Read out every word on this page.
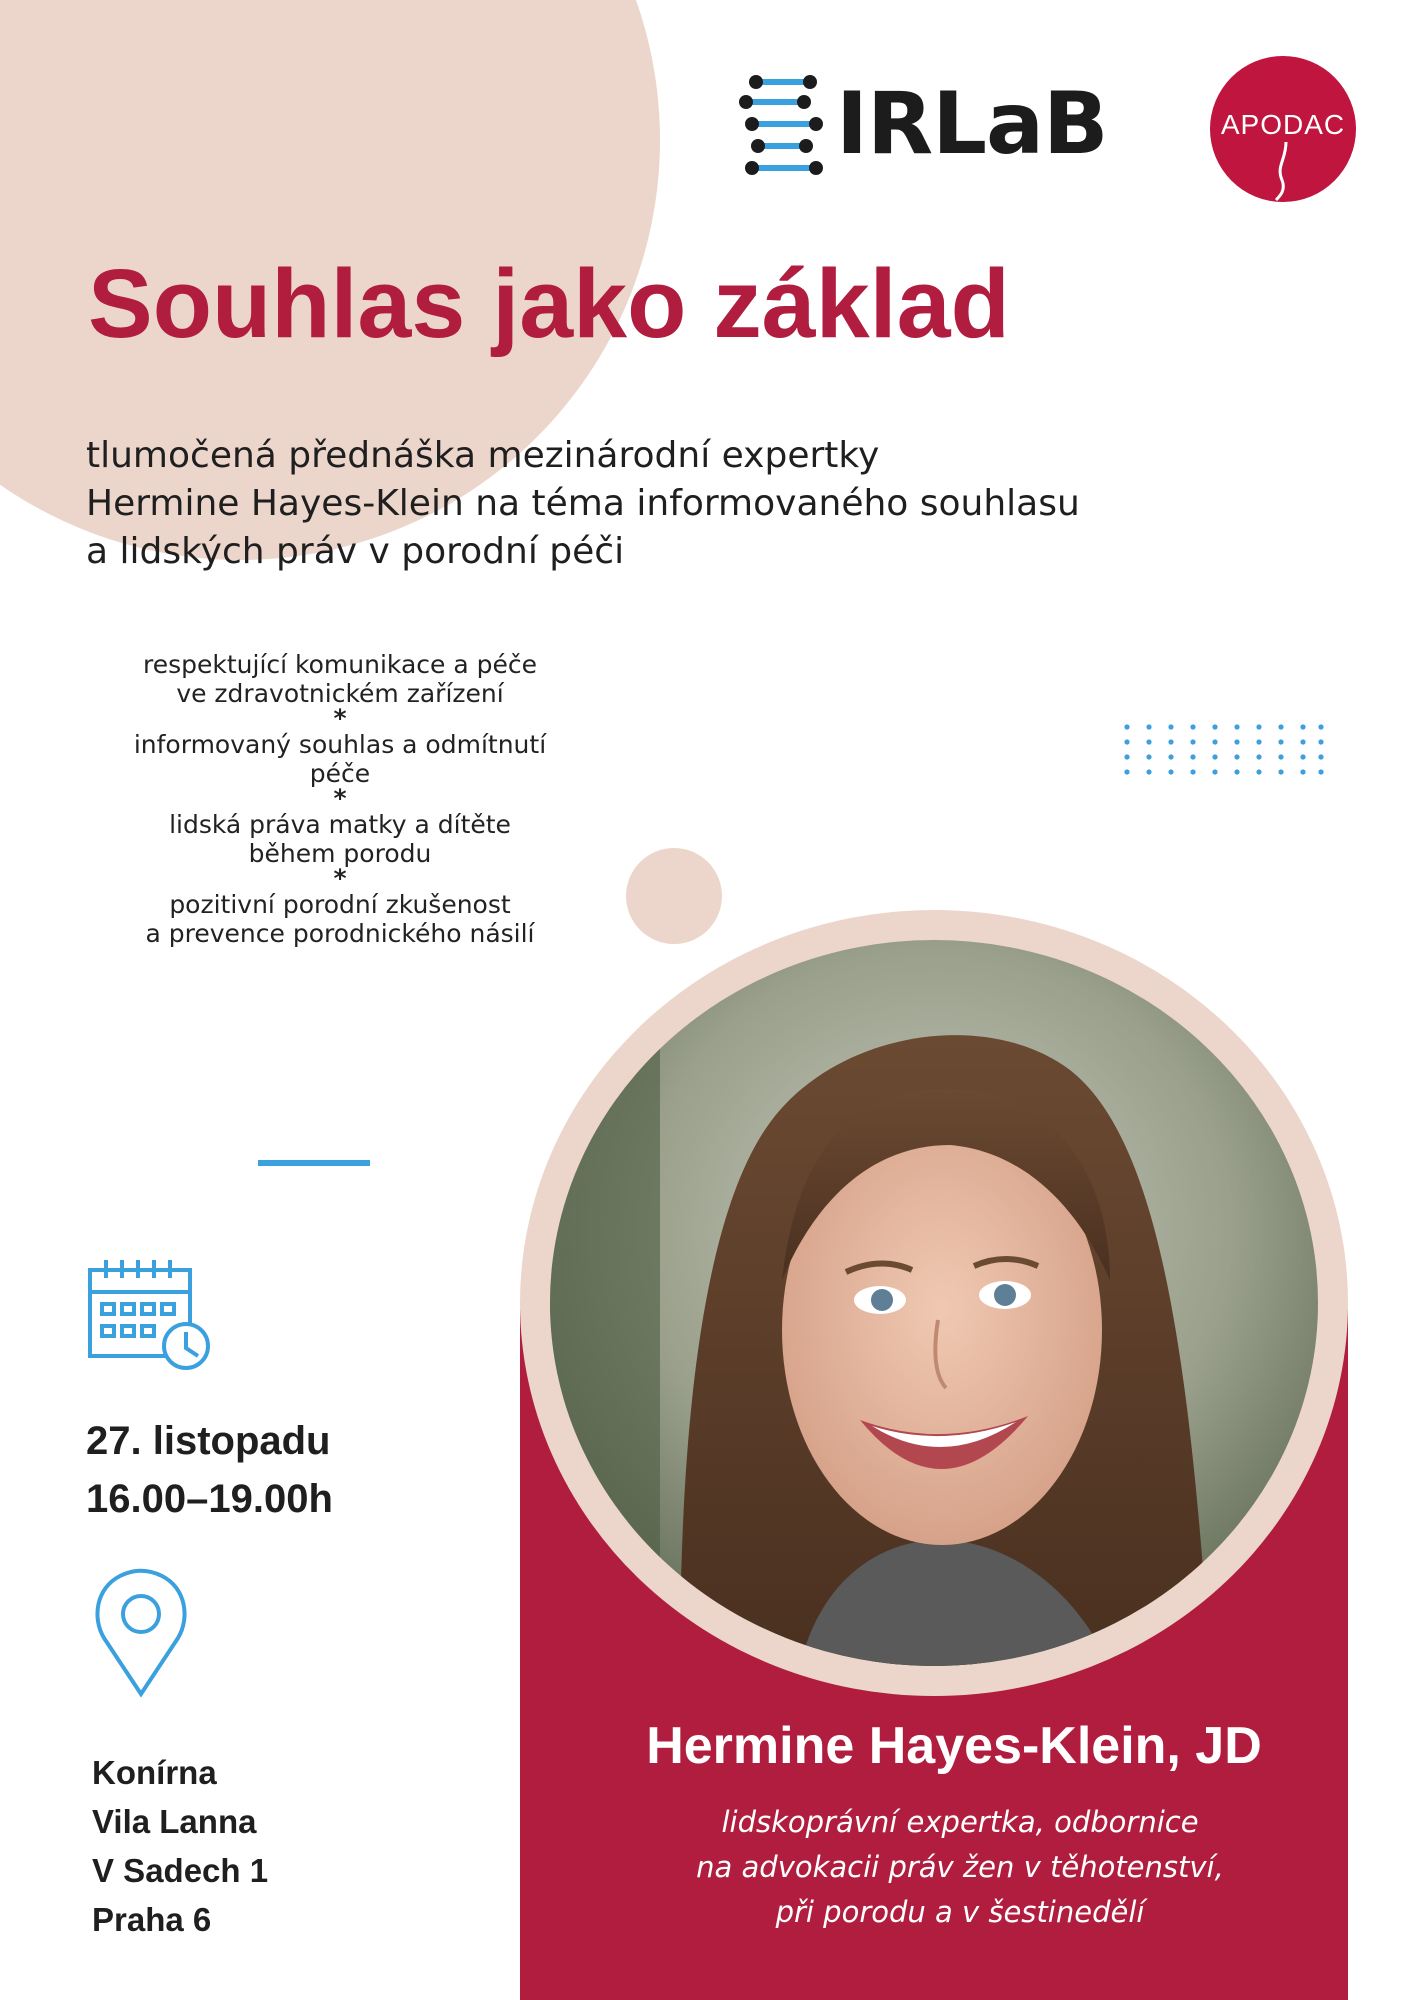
IRLaB	APODAC
Souhlas jako základ
tlumočená přednáška mezinárodní expertky
Hermine Hayes-Klein na téma informovaného souhlasu
a lidských práv v porodní péči
respektující komunikace a péče
ve zdravotnickém zařízení
*
informovaný souhlas a odmítnutí
péče
*
lidská práva matky a dítěte
během porodu
*
pozitivní porodní zkušenost
a prevence porodnického násilí
27. listopadu
16.00–19.00h
Konírna
Vila Lanna
V Sadech 1
Praha 6
Hermine Hayes-Klein, JD
lidskoprávní expertka, odbornice
na advokacii práv žen v těhotenství,
při porodu a v šestinedělí
